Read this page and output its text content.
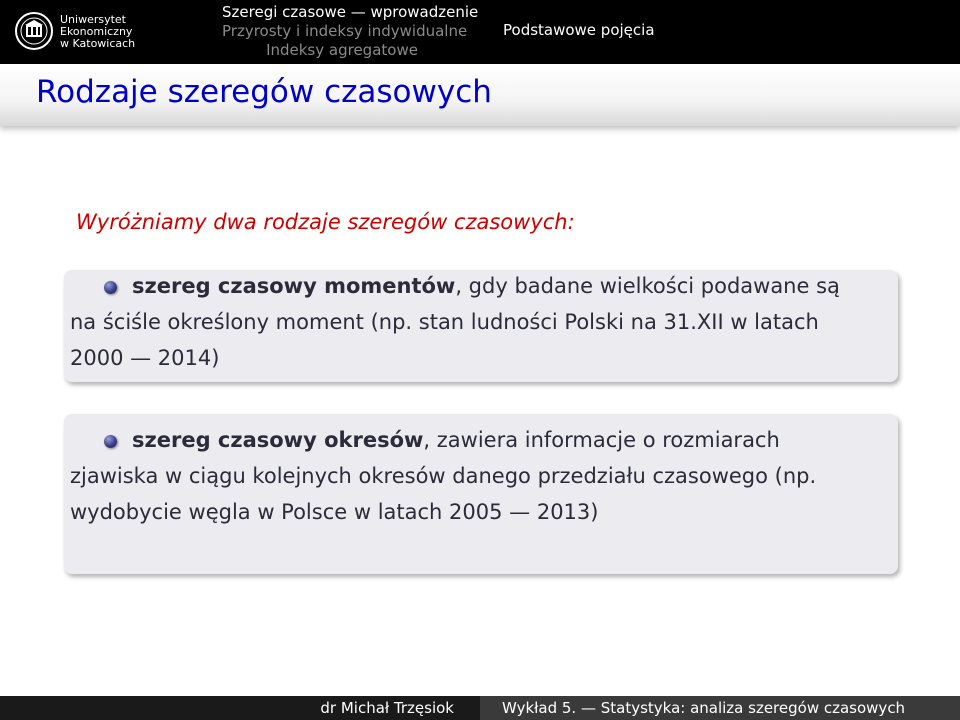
Uniwersytet
Ekonomiczny
w Katowicach
Szeregi czasowe — wprowadzenie
Przyrosty i indeksy indywidualne
Indeksy agregatowe
Podstawowe pojęcia
Rodzaje szeregów czasowych
Wyróżniamy dwa rodzaje szeregów czasowych:
szereg czasowy momentów, gdy badane wielkości podawane są na ściśle określony moment (np. stan ludności Polski na 31.XII w latach 2000 — 2014)
szereg czasowy okresów, zawiera informacje o rozmiarach zjawiska w ciągu kolejnych okresów danego przedziału czasowego (np. wydobycie węgla w Polsce w latach 2005 — 2013)
dr Michał Trzęsiok	Wykład 5. — Statystyka: analiza szeregów czasowych
